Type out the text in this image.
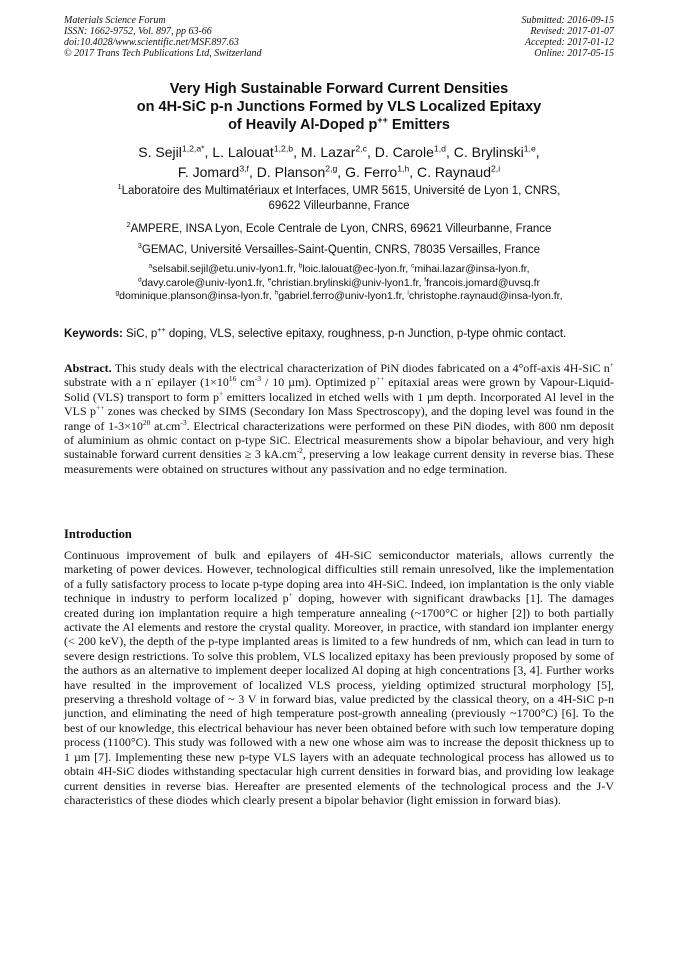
Materials Science Forum
ISSN: 1662-9752, Vol. 897, pp 63-66
doi:10.4028/www.scientific.net/MSF.897.63
© 2017 Trans Tech Publications Ltd, Switzerland
Submitted: 2016-09-15
Revised: 2017-01-07
Accepted: 2017-01-12
Online: 2017-05-15
Very High Sustainable Forward Current Densities
on 4H-SiC p-n Junctions Formed by VLS Localized Epitaxy
of Heavily Al-Doped p++ Emitters
S. Sejil$^{1,2,a*}$, L. Lalouat$^{1,2,b}$, M. Lazar$^{2,c}$, D. Carole$^{1,d}$, C. Brylinski$^{1,e}$,
F. Jomard$^{3,f}$, D. Planson$^{2,g}$, G. Ferro$^{1,h}$, C. Raynaud$^{2,i}$
$^1$Laboratoire des Multimatériaux et Interfaces, UMR 5615, Université de Lyon 1, CNRS,
69622 Villeurbanne, France
$^2$AMPERE, INSA Lyon, Ecole Centrale de Lyon, CNRS, 69621 Villeurbanne, France
$^3$GEMAC, Université Versailles-Saint-Quentin, CNRS, 78035 Versailles, France
$^a$selsabil.sejil@etu.univ-lyon1.fr, $^b$loic.lalouat@ec-lyon.fr, $^c$mihai.lazar@insa-lyon.fr,
$^d$davy.carole@univ-lyon1.fr, $^e$christian.brylinski@univ-lyon1.fr, $^f$francois.jomard@uvsq.fr
$^g$dominique.planson@insa-lyon.fr, $^h$gabriel.ferro@univ-lyon1.fr, $^i$christophe.raynaud@insa-lyon.fr,
Keywords: SiC, p++ doping, VLS, selective epitaxy, roughness, p-n Junction, p-type ohmic contact.
Abstract. This study deals with the electrical characterization of PiN diodes fabricated on a 4°off-axis 4H-SiC n+ substrate with a n- epilayer ($1\times 10^{16}$ $cm^{-3} / 10$ µm). Optimized p++ epitaxial areas were grown by Vapour-Liquid-Solid (VLS) transport to form p+ emitters localized in etched wells with 1 µm depth. Incorporated Al level in the VLS p++ zones was checked by SIMS (Secondary Ion Mass Spectroscopy), and the doping level was found in the range of $1-3\times 10^{20}$ $at.cm^{-3}$. Electrical characterizations were performed on these PiN diodes, with 800 nm deposit of aluminium as ohmic contact on p-type SiC. Electrical measurements show a bipolar behaviour, and very high sustainable forward current densities ≥ 3 $kA.cm^{-2}$, preserving a low leakage current density in reverse bias. These measurements were obtained on structures without any passivation and no edge termination.
Introduction
Continuous improvement of bulk and epilayers of 4H-SiC semiconductor materials, allows currently the marketing of power devices. However, technological difficulties still remain unresolved, like the implementation of a fully satisfactory process to locate p-type doping area into 4H-SiC. Indeed, ion implantation is the only viable technique in industry to perform localized p+ doping, however with significant drawbacks [1]. The damages created during ion implantation require a high temperature annealing (~1700°C or higher [2]) to both partially activate the Al elements and restore the crystal quality. Moreover, in practice, with standard ion implanter energy (< 200 keV), the depth of the p-type implanted areas is limited to a few hundreds of nm, which can lead in turn to severe design restrictions. To solve this problem, VLS localized epitaxy has been previously proposed by some of the authors as an alternative to implement deeper localized Al doping at high concentrations [3, 4]. Further works have resulted in the improvement of localized VLS process, yielding optimized structural morphology [5], preserving a threshold voltage of ~ 3 V in forward bias, value predicted by the classical theory, on a 4H-SiC p-n junction, and eliminating the need of high temperature post-growth annealing (previously ~1700°C) [6]. To the best of our knowledge, this electrical behaviour has never been obtained before with such low temperature doping process (1100°C). This study was followed with a new one whose aim was to increase the deposit thickness up to 1 µm [7]. Implementing these new p-type VLS layers with an adequate technological process has allowed us to obtain 4H-SiC diodes withstanding spectacular high current densities in forward bias, and providing low leakage current densities in reverse bias. Hereafter are presented elements of the technological process and the J-V characteristics of these diodes which clearly present a bipolar behavior (light emission in forward bias).
